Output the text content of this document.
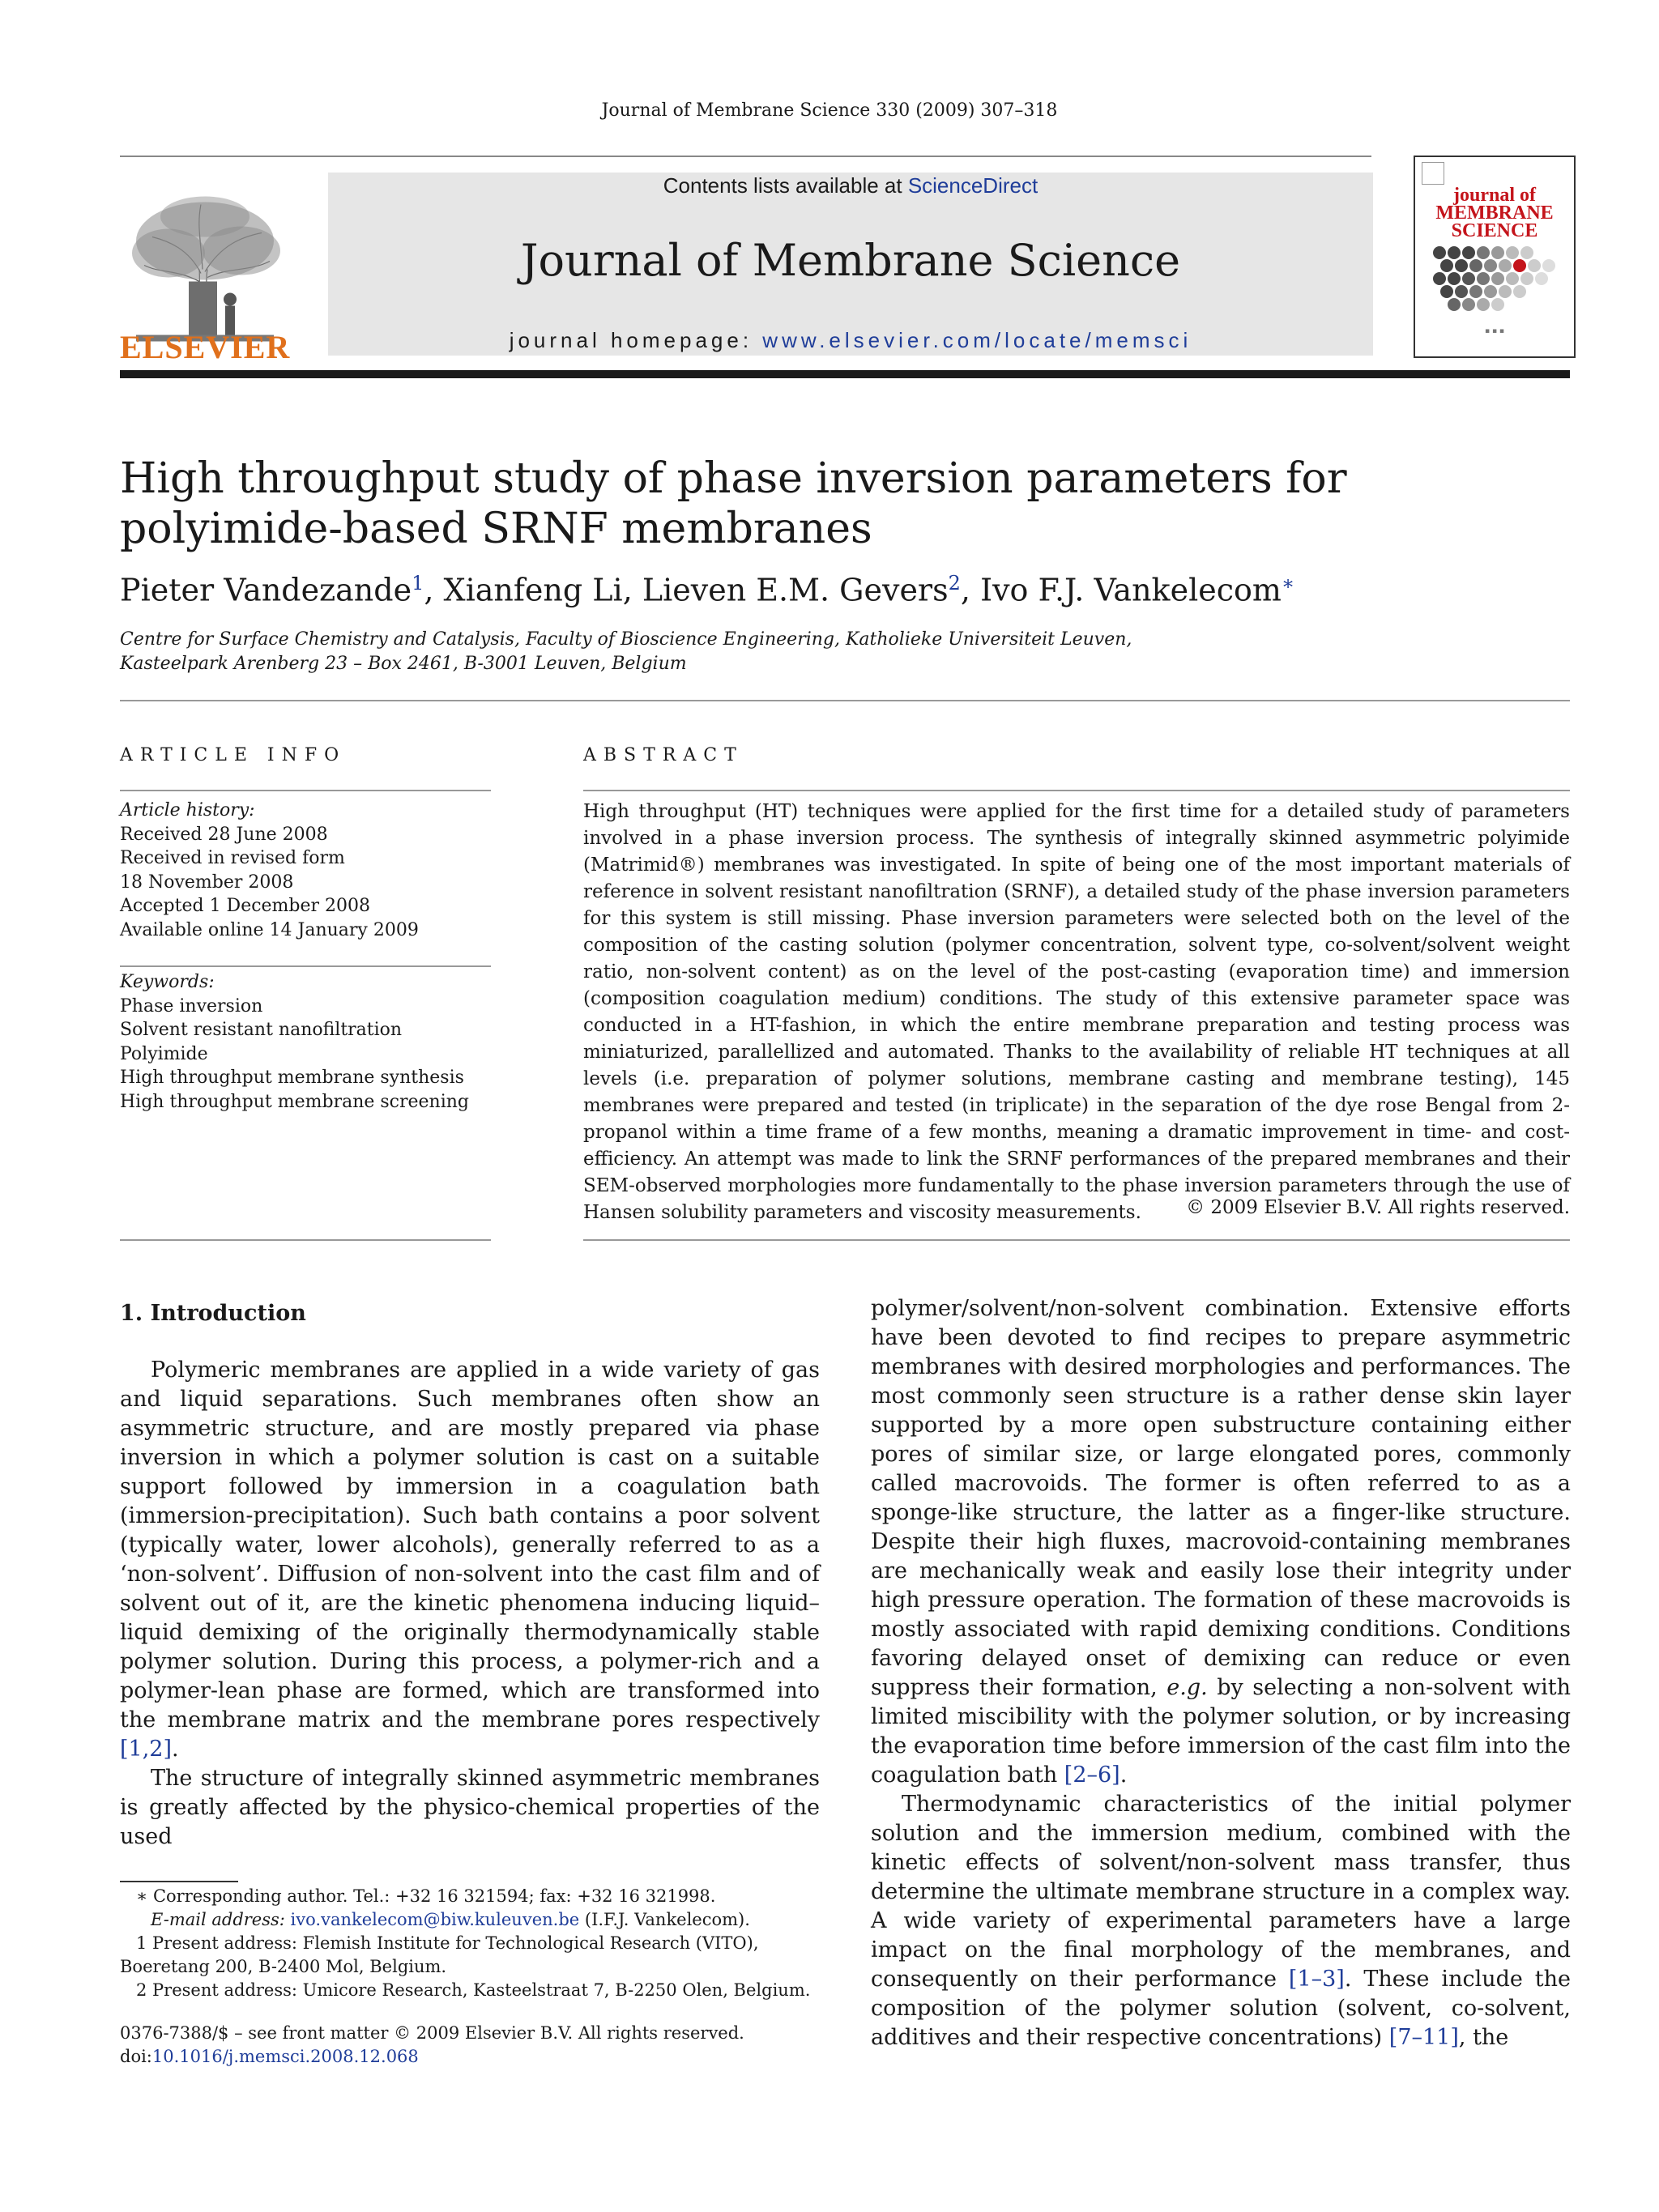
Journal of Membrane Science 330 (2009) 307–318
ELSEVIER
Contents lists available at ScienceDirect
Journal of Membrane Science
journal homepage: www.elsevier.com/locate/memsci
journal of MEMBRANE SCIENCE
▪ ▪ ▪
High throughput study of phase inversion parameters for polyimide-based SRNF membranes
Pieter Vandezande$^1$, Xianfeng Li, Lieven E.M. Gevers$^2$, Ivo F.J. Vankelecom∗
Centre for Surface Chemistry and Catalysis, Faculty of Bioscience Engineering, Katholieke Universiteit Leuven,
Kasteelpark Arenberg 23 – Box 2461, B-3001 Leuven, Belgium
ARTICLE INFO	ABSTRACT
Article history:
Received 28 June 2008
Received in revised form
18 November 2008
Accepted 1 December 2008
Available online 14 January 2009
Keywords:
Phase inversion
Solvent resistant nanofiltration
Polyimide
High throughput membrane synthesis
High throughput membrane screening
High throughput (HT) techniques were applied for the first time for a detailed study of parameters involved in a phase inversion process. The synthesis of integrally skinned asymmetric polyimide (Matrimid®) membranes was investigated. In spite of being one of the most important materials of reference in solvent resistant nanofiltration (SRNF), a detailed study of the phase inversion parameters for this system is still missing. Phase inversion parameters were selected both on the level of the composition of the casting solution (polymer concentration, solvent type, co-solvent/solvent weight ratio, non-solvent content) as on the level of the post-casting (evaporation time) and immersion (composition coagulation medium) conditions. The study of this extensive parameter space was conducted in a HT-fashion, in which the entire membrane preparation and testing process was miniaturized, parallellized and automated. Thanks to the availability of reliable HT techniques at all levels (i.e. preparation of polymer solutions, membrane casting and membrane testing), 145 membranes were prepared and tested (in triplicate) in the separation of the dye rose Bengal from 2-propanol within a time frame of a few months, meaning a dramatic improvement in time- and cost-efficiency. An attempt was made to link the SRNF performances of the prepared membranes and their SEM-observed morphologies more fundamentally to the phase inversion parameters through the use of Hansen solubility parameters and viscosity measurements.	© 2009 Elsevier B.V. All rights reserved.
1. Introduction

Polymeric membranes are applied in a wide variety of gas and liquid separations. Such membranes often show an asymmetric structure, and are mostly prepared via phase inversion in which a polymer solution is cast on a suitable support followed by immersion in a coagulation bath (immersion-precipitation). Such bath contains a poor solvent (typically water, lower alcohols), generally referred to as a ‘non-solvent’. Diffusion of non-solvent into the cast film and of solvent out of it, are the kinetic phenomena inducing liquid–liquid demixing of the originally thermodynamically stable polymer solution. During this process, a polymer-rich and a polymer-lean phase are formed, which are transformed into the membrane matrix and the membrane pores respectively [1,2].

The structure of integrally skinned asymmetric membranes is greatly affected by the physico-chemical properties of the used

polymer/solvent/non-solvent combination. Extensive efforts have been devoted to find recipes to prepare asymmetric membranes with desired morphologies and performances. The most commonly seen structure is a rather dense skin layer supported by a more open substructure containing either pores of similar size, or large elongated pores, commonly called macrovoids. The former is often referred to as a sponge-like structure, the latter as a finger-like structure. Despite their high fluxes, macrovoid-containing membranes are mechanically weak and easily lose their integrity under high pressure operation. The formation of these macrovoids is mostly associated with rapid demixing conditions. Conditions favoring delayed onset of demixing can reduce or even suppress their formation, e.g. by selecting a non-solvent with limited miscibility with the polymer solution, or by increasing the evaporation time before immersion of the cast film into the coagulation bath [2–6].

Thermodynamic characteristics of the initial polymer solution and the immersion medium, combined with the kinetic effects of solvent/non-solvent mass transfer, thus determine the ultimate membrane structure in a complex way. A wide variety of experimental parameters have a large impact on the final morphology of the membranes, and consequently on their performance [1–3]. These include the composition of the polymer solution (solvent, co-solvent, additives and their respective concentrations) [7–11], the

∗ Corresponding author. Tel.: +32 16 321594; fax: +32 16 321998.
E-mail address: ivo.vankelecom@biw.kuleuven.be (I.F.J. Vankelecom).
1 Present address: Flemish Institute for Technological Research (VITO), Boeretang 200, B-2400 Mol, Belgium.
2 Present address: Umicore Research, Kasteelstraat 7, B-2250 Olen, Belgium.
0376-7388/$ – see front matter © 2009 Elsevier B.V. All rights reserved.
doi:10.1016/j.memsci.2008.12.068
